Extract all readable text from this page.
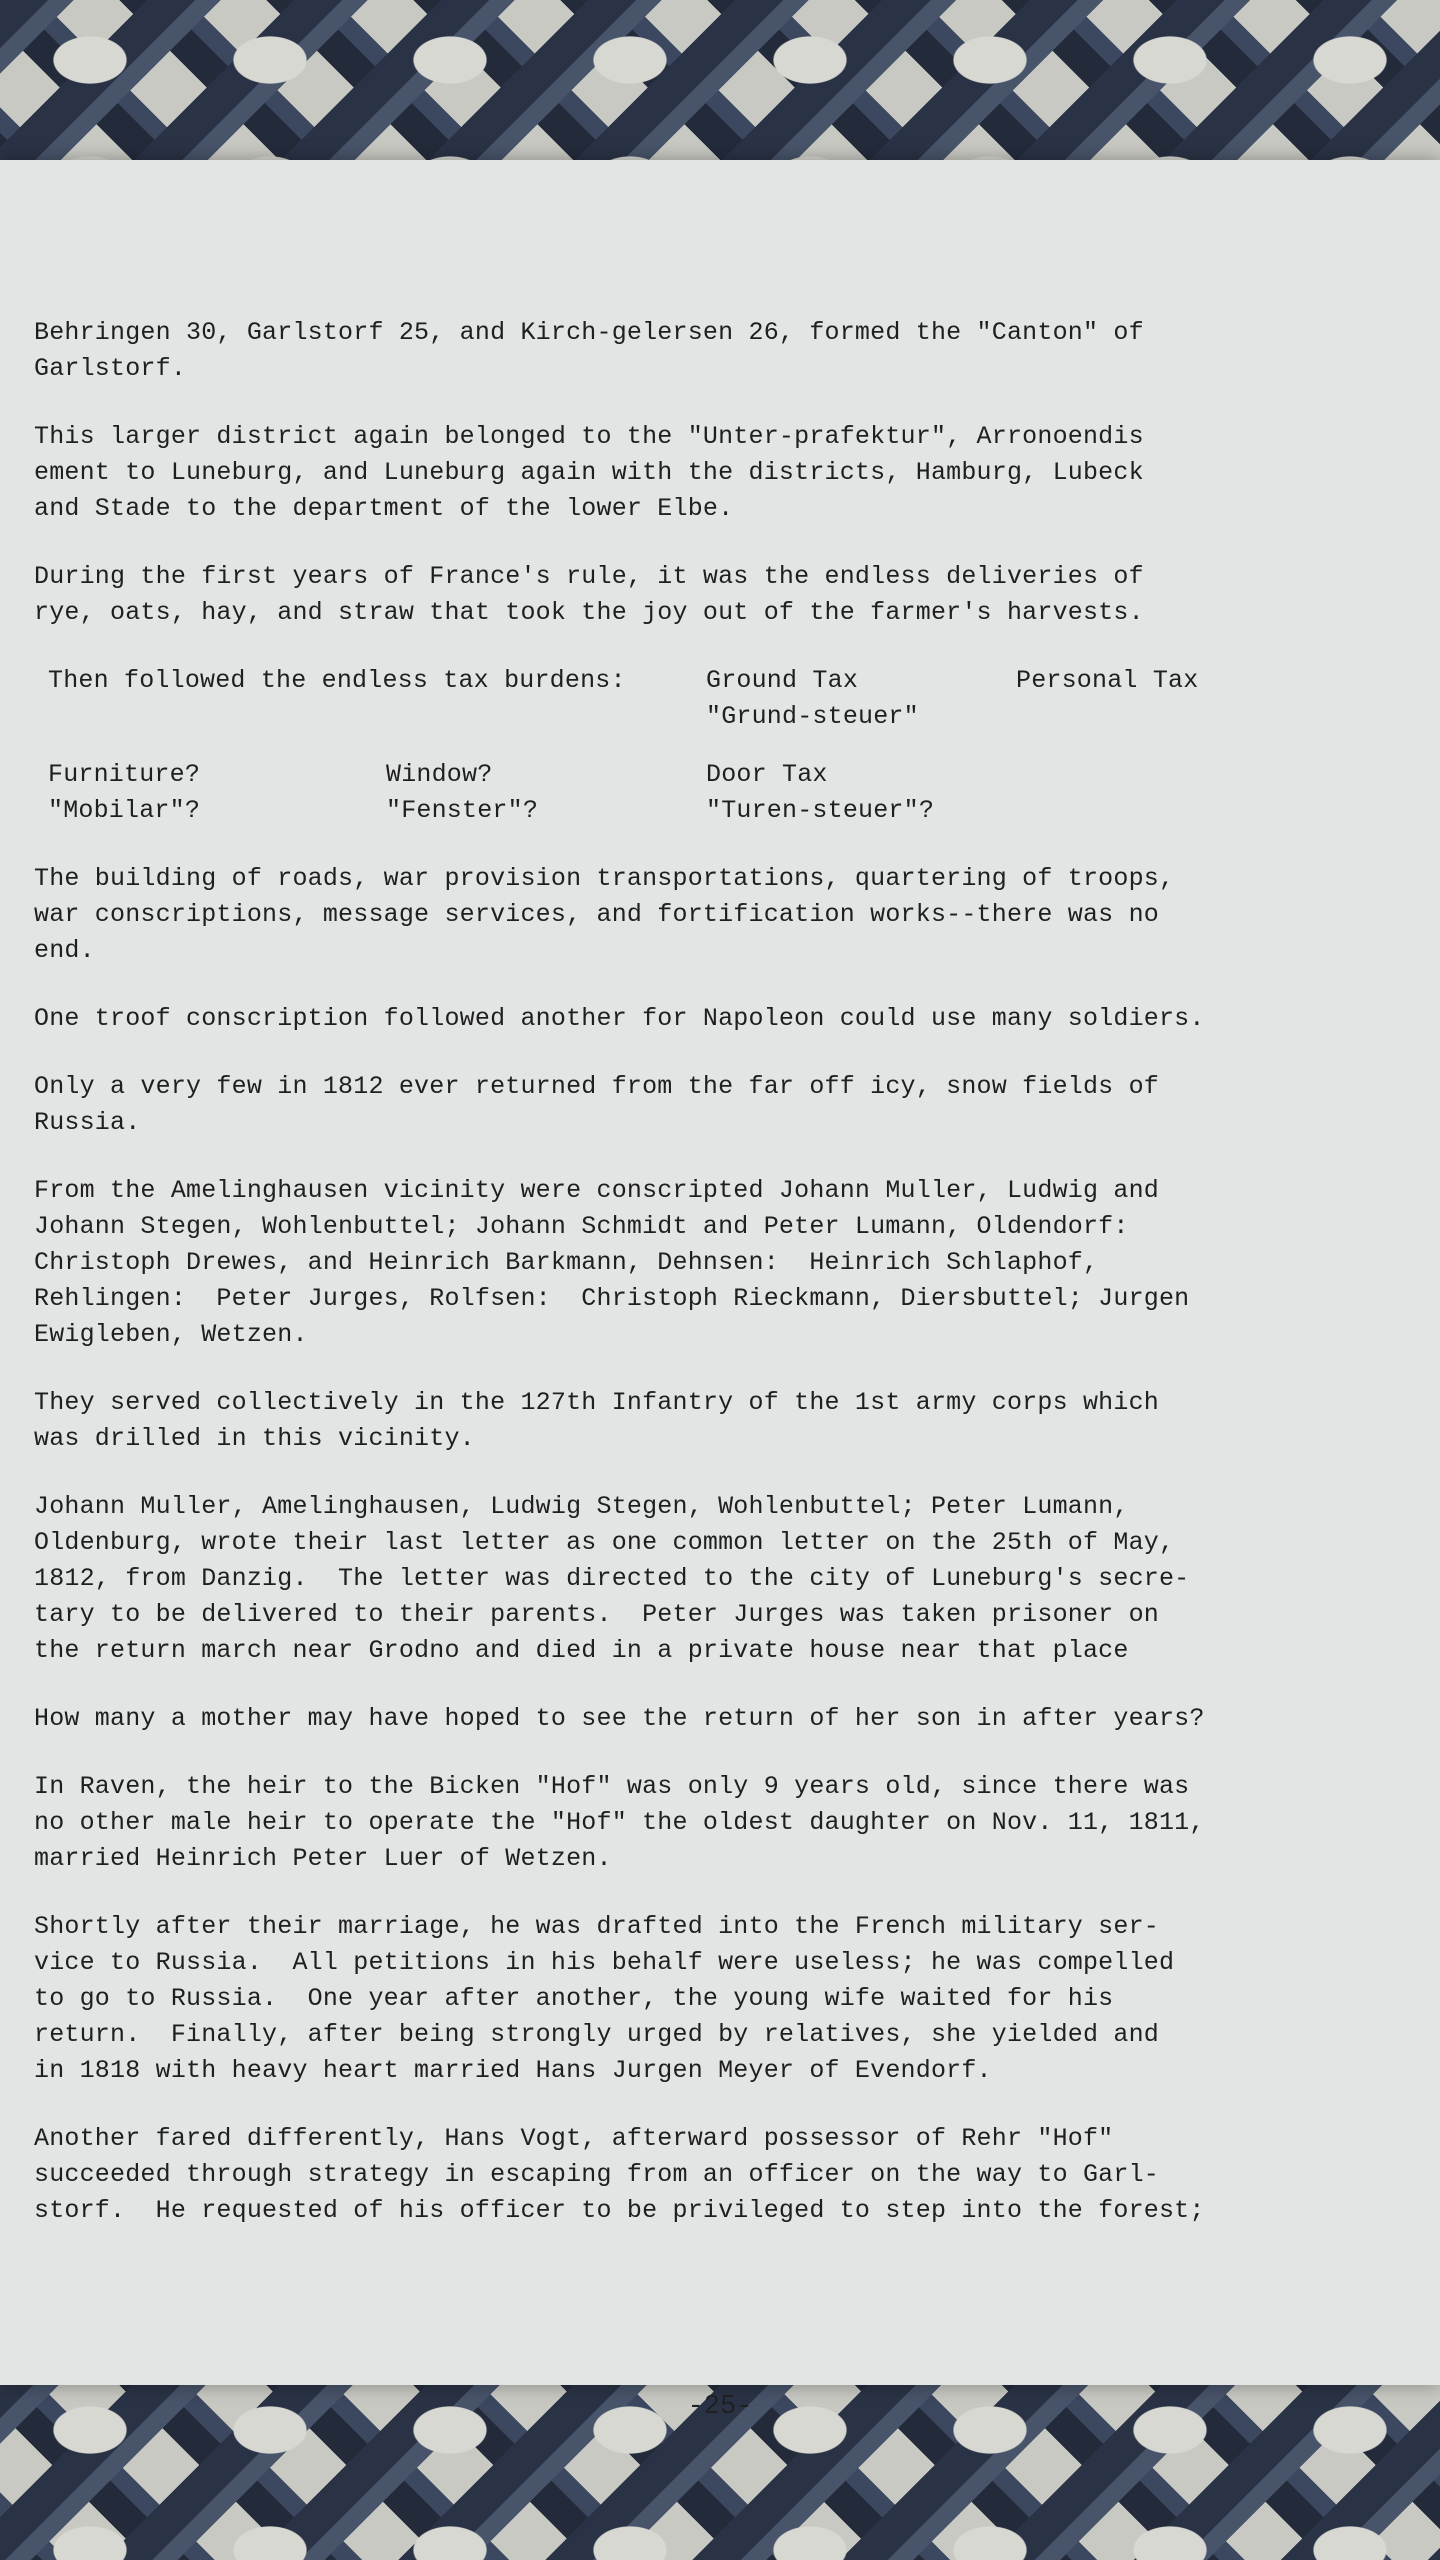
Behringen 30, Garlstorf 25, and Kirch-gelersen 26, formed the "Canton" of
Garlstorf.

This larger district again belonged to the "Unter-prafektur", Arronoendis
ement to Luneburg, and Luneburg again with the districts, Hamburg, Lubeck
and Stade to the department of the lower Elbe.

During the first years of France's rule, it was the endless deliveries of
rye, oats, hay, and straw that took the joy out of the farmer's harvests.

Then followed the endless tax burdens:	Ground Tax
"Grund-steuer"
Personal Tax
Furniture?
"Mobilar"?
Window?
"Fenster"?
Door Tax
"Turen-steuer"?

The building of roads, war provision transportations, quartering of troops,
war conscriptions, message services, and fortification works--there was no
end.

One troof conscription followed another for Napoleon could use many soldiers.

Only a very few in 1812 ever returned from the far off icy, snow fields of
Russia.

From the Amelinghausen vicinity were conscripted Johann Muller, Ludwig and
Johann Stegen, Wohlenbuttel; Johann Schmidt and Peter Lumann, Oldendorf:
Christoph Drewes, and Heinrich Barkmann, Dehnsen:  Heinrich Schlaphof,
Rehlingen:  Peter Jurges, Rolfsen:  Christoph Rieckmann, Diersbuttel; Jurgen
Ewigleben, Wetzen.

They served collectively in the 127th Infantry of the 1st army corps which
was drilled in this vicinity.

Johann Muller, Amelinghausen, Ludwig Stegen, Wohlenbuttel; Peter Lumann,
Oldenburg, wrote their last letter as one common letter on the 25th of May,
1812, from Danzig.  The letter was directed to the city of Luneburg's secre-
tary to be delivered to their parents.  Peter Jurges was taken prisoner on
the return march near Grodno and died in a private house near that place

How many a mother may have hoped to see the return of her son in after years?

In Raven, the heir to the Bicken "Hof" was only 9 years old, since there was
no other male heir to operate the "Hof" the oldest daughter on Nov. 11, 1811,
married Heinrich Peter Luer of Wetzen.

Shortly after their marriage, he was drafted into the French military ser-
vice to Russia.  All petitions in his behalf were useless; he was compelled
to go to Russia.  One year after another, the young wife waited for his
return.  Finally, after being strongly urged by relatives, she yielded and
in 1818 with heavy heart married Hans Jurgen Meyer of Evendorf.

Another fared differently, Hans Vogt, afterward possessor of Rehr "Hof"
succeeded through strategy in escaping from an officer on the way to Garl-
storf.  He requested of his officer to be privileged to step into the forest;

-25-
